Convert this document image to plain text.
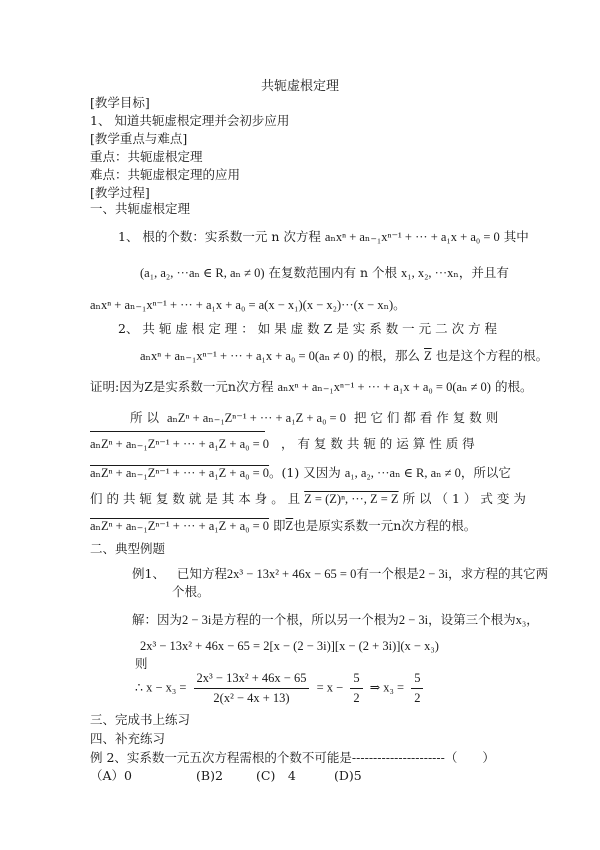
共轭虚根定理
[教学目标]
1、 知道共轭虚根定理并会初步应用
[教学重点与难点]
重点：共轭虚根定理
难点：共轭虚根定理的应用
[教学过程]
一、共轭虚根定理
1、 根的个数：实系数一元 n 次方程 aₙxⁿ + aₙ₋₁xⁿ⁻¹ + ··· + a₁x + a₀ = 0 其中
(a₁, a₂, ···aₙ ∈ R, aₙ ≠ 0) 在复数范围内有 n 个根 x₁, x₂, ···xₙ，并且有
aₙxⁿ + aₙ₋₁xⁿ⁻¹ + ··· + a₁x + a₀ = a(x − x₁)(x − x₂)···(x − xₙ)。
2、 共 轭 虚 根 定 理 ： 如 果 虚 数 Z 是 实 系 数 一 元 二 次 方 程
aₙxⁿ + aₙ₋₁xⁿ⁻¹ + ··· + a₁x + a₀ = 0(aₙ ≠ 0) 的根，那么 $\overline{Z}$ 也是这个方程的根。
证明:因为Z是实系数一元n次方程 aₙxⁿ + aₙ₋₁xⁿ⁻¹ + ··· + a₁x + a₀ = 0(aₙ ≠ 0) 的根。
所 以 aₙZⁿ + aₙ₋₁Zⁿ⁻¹ + ··· + a₁Z + a₀ = 0 把 它 们 都 看 作 复 数 则
aₙZⁿ + aₙ₋₁Zⁿ⁻¹ + ··· + a₁Z + a₀ = 0 ， 有 复 数 共 轭 的 运 算 性 质 得
aₙZⁿ + aₙ₋₁Zⁿ⁻¹ + ··· + a₁Z + a₀ = 0。(1) 又因为 a₁, a₂, ···aₙ ∈ R, aₙ ≠ 0，所以它
们 的 共 轭 复 数 就 是 其 本 身 。 且 Z = (Z)ⁿ, ···, Z = Z 所 以 （ 1 ） 式 变 为
aₙZⁿ + aₙ₋₁Zⁿ⁻¹ + ··· + a₁Z + a₀ = 0 即$\overline{Z}$也是原实系数一元n次方程的根。
二、典型例题
例1、 已知方程2x³ − 13x² + 46x − 65 = 0有一个根是2 − 3i，求方程的其它两
个根。
解：因为2 − 3i是方程的一个根，所以另一个根为2 − 3i，设第三个根为x₃，
2x³ − 13x² + 46x − 65 = 2[x − (2 − 3i)][x − (2 + 3i)](x − x₃)
则
∴ $x - x_3 = \frac{\text{2x³ − 13x² + 46x − 65}}{\text{2(x² − 4x + 13)}} = x - \frac{5}{2}$ ⇒ $x_3 = \frac{5}{2}$
三、完成书上练习
四、补充练习
例 2、实系数一元五次方程需根的个数不可能是----------------------（　　）
（A）0	(B)2	(C)　4	(D)5
